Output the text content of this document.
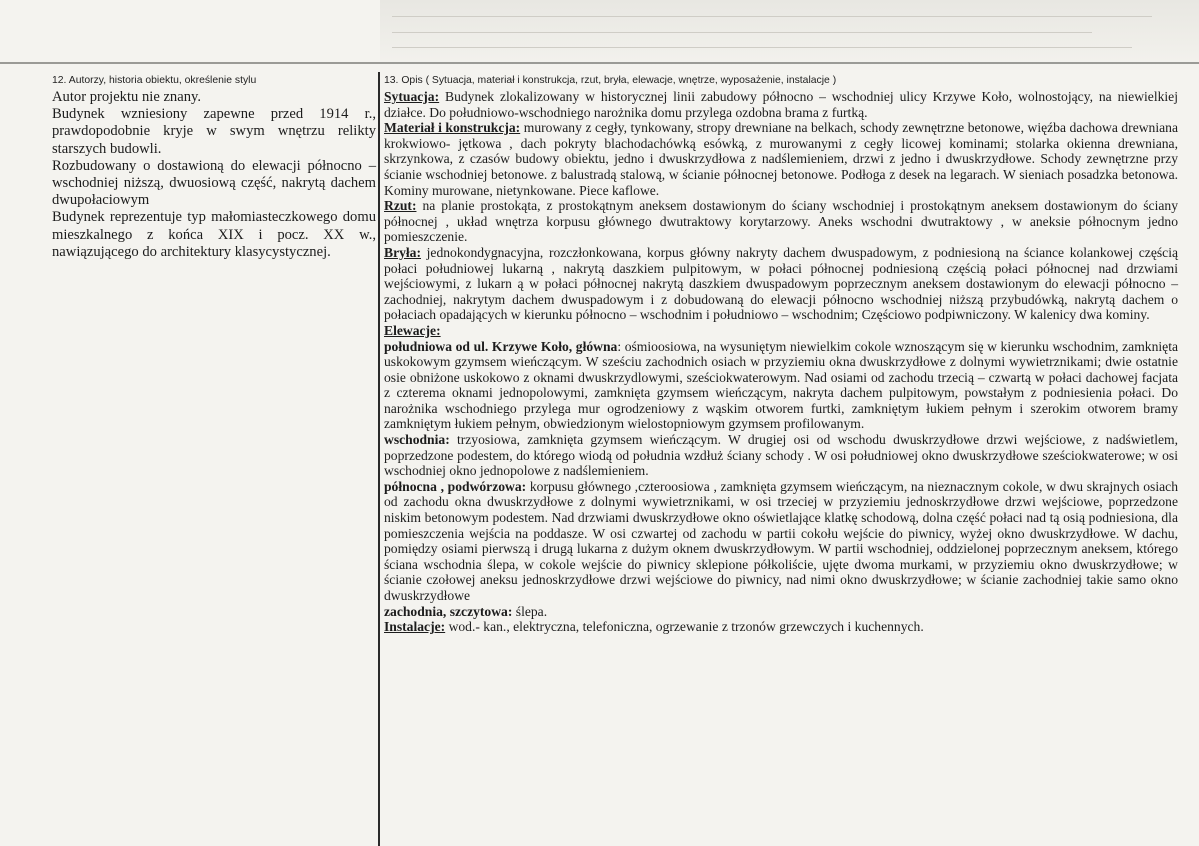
12. Autorzy, historia obiektu, określenie stylu

Autor projektu nie znany.

Budynek wzniesiony zapewne przed 1914 r., prawdopodobnie kryje w swym wnętrzu relikty starszych budowli.

Rozbudowany o dostawioną do elewacji północno – wschodniej niższą, dwuosiową część, nakrytą dachem dwupołaciowym

Budynek reprezentuje typ małomiasteczkowego domu mieszkalnego z końca XIX i pocz. XX w., nawiązującego do architektury klasycystycznej.

13. Opis ( Sytuacja, materiał i konstrukcja, rzut, bryła, elewacje, wnętrze, wyposażenie, instalacje )

Sytuacja: Budynek zlokalizowany w historycznej linii zabudowy północno – wschodniej ulicy Krzywe Koło, wolnostojący, na niewielkiej działce. Do południowo-wschodniego narożnika domu przylega ozdobna brama z furtką.

Materiał i konstrukcja: murowany z cegły, tynkowany, stropy drewniane na belkach, schody zewnętrzne betonowe, więźba dachowa drewniana krokwiowo- jętkowa , dach pokryty blachodachówką esówką, z murowanymi z cegły licowej kominami; stolarka okienna drewniana, skrzynkowa, z czasów budowy obiektu, jedno i dwuskrzydłowa z nadślemieniem, drzwi z jedno i dwuskrzydłowe. Schody zewnętrzne przy ścianie wschodniej betonowe. z balustradą stalową, w ścianie północnej betonowe. Podłoga z desek na legarach. W sieniach posadzka betonowa. Kominy murowane, nietynkowane. Piece kaflowe.

Rzut: na planie prostokąta, z prostokątnym aneksem dostawionym do ściany wschodniej i prostokątnym aneksem dostawionym do ściany północnej , układ wnętrza korpusu głównego dwutraktowy korytarzowy. Aneks wschodni dwutraktowy , w aneksie północnym jedno pomieszczenie.

Bryła: jednokondygnacyjna, rozczłonkowana, korpus główny nakryty dachem dwuspadowym, z podniesioną na ściance kolankowej częścią połaci południowej lukarną , nakrytą daszkiem pulpitowym, w połaci północnej podniesioną częścią połaci północnej nad drzwiami wejściowymi, z lukarn ą w połaci północnej nakrytą daszkiem dwuspadowym poprzecznym aneksem dostawionym do elewacji północno – zachodniej, nakrytym dachem dwuspadowym i z dobudowaną do elewacji północno wschodniej niższą przybudówką, nakrytą dachem o połaciach opadających w kierunku północno – wschodnim i południowo – wschodnim; Częściowo podpiwniczony. W kalenicy dwa kominy.

Elewacje:

południowa od ul. Krzywe Koło, główna: ośmioosiowa, na wysuniętym niewielkim cokole wznoszącym się w kierunku wschodnim, zamknięta uskokowym gzymsem wieńczącym. W sześciu zachodnich osiach w przyziemiu okna dwuskrzydłowe z dolnymi wywietrznikami; dwie ostatnie osie obniżone uskokowo z oknami dwuskrzydlowymi, sześciokwaterowym. Nad osiami od zachodu trzecią – czwartą w połaci dachowej facjata z czterema oknami jednopolowymi, zamknięta gzymsem wieńczącym, nakryta dachem pulpitowym, powstałym z podniesienia połaci. Do narożnika wschodniego przylega mur ogrodzeniowy z wąskim otworem furtki, zamkniętym łukiem pełnym i szerokim otworem bramy zamkniętym łukiem pełnym, obwiedzionym wielostopniowym gzymsem profilowanym.

wschodnia: trzyosiowa, zamknięta gzymsem wieńczącym. W drugiej osi od wschodu dwuskrzydłowe drzwi wejściowe, z nadświetlem, poprzedzone podestem, do którego wiodą od południa wzdłuż ściany schody . W osi południowej okno dwuskrzydłowe sześciokwaterowe; w osi wschodniej okno jednopolowe z nadślemieniem.

północna , podwórzowa: korpusu głównego ,czteroosiowa , zamknięta gzymsem wieńczącym, na nieznacznym cokole, w dwu skrajnych osiach od zachodu okna dwuskrzydłowe z dolnymi wywietrznikami, w osi trzeciej w przyziemiu jednoskrzydłowe drzwi wejściowe, poprzedzone niskim betonowym podestem. Nad drzwiami dwuskrzydłowe okno oświetlające klatkę schodową, dolna część połaci nad tą osią podniesiona, dla pomieszczenia wejścia na poddasze. W osi czwartej od zachodu w partii cokołu wejście do piwnicy, wyżej okno dwuskrzydłowe. W dachu, pomiędzy osiami pierwszą i drugą lukarna z dużym oknem dwuskrzydłowym. W partii wschodniej, oddzielonej poprzecznym aneksem, którego ściana wschodnia ślepa, w cokole wejście do piwnicy sklepione półkoliście, ujęte dwoma murkami, w przyziemiu okno dwuskrzydłowe; w ścianie czołowej aneksu jednoskrzydłowe drzwi wejściowe do piwnicy, nad nimi okno dwuskrzydłowe; w ścianie zachodniej takie samo okno dwuskrzydłowe

zachodnia, szczytowa: ślepa.

Instalacje: wod.- kan., elektryczna, telefoniczna, ogrzewanie z trzonów grzewczych i kuchennych.
